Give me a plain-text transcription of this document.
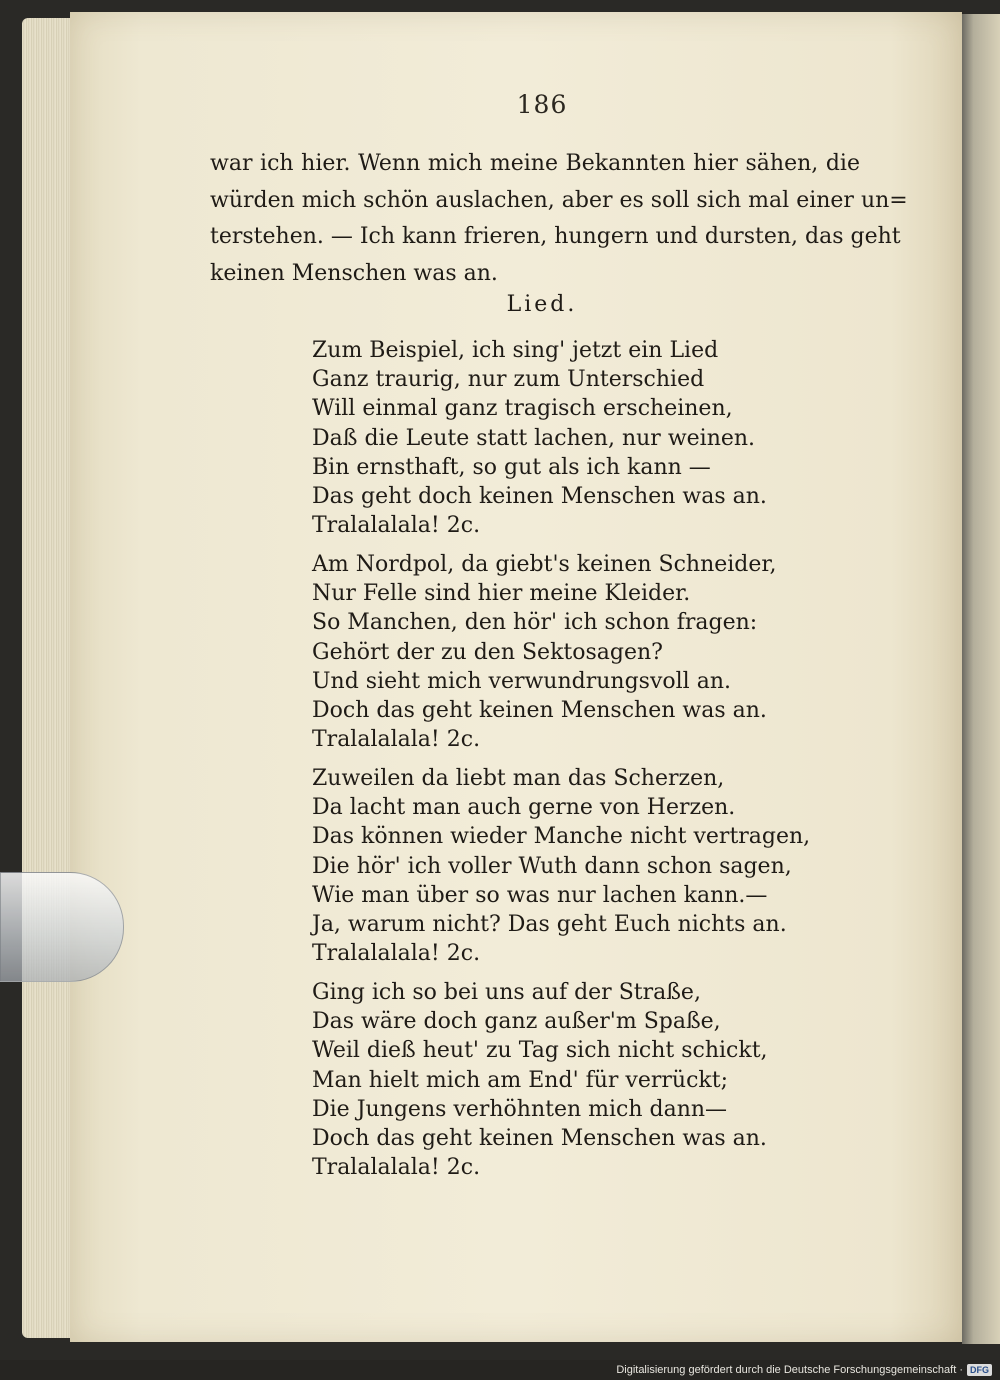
186
war ich hier. Wenn mich meine Bekannten hier sähen, die
würden mich schön auslachen, aber es soll sich mal einer un=
terstehen. — Ich kann frieren, hungern und dursten, das geht
keinen Menschen was an.
Lied.
Zum Beispiel, ich sing' jetzt ein Lied
Ganz traurig, nur zum Unterschied
Will einmal ganz tragisch erscheinen,
Daß die Leute statt lachen, nur weinen.
Bin ernsthaft, so gut als ich kann —
Das geht doch keinen Menschen was an.
Tralalalala! 2c.
Am Nordpol, da giebt's keinen Schneider,
Nur Felle sind hier meine Kleider.
So Manchen, den hör' ich schon fragen:
Gehört der zu den Sektosagen?
Und sieht mich verwundrungsvoll an.
Doch das geht keinen Menschen was an.
Tralalalala! 2c.
Zuweilen da liebt man das Scherzen,
Da lacht man auch gerne von Herzen.
Das können wieder Manche nicht vertragen,
Die hör' ich voller Wuth dann schon sagen,
Wie man über so was nur lachen kann.—
Ja, warum nicht? Das geht Euch nichts an.
Tralalalala! 2c.
Ging ich so bei uns auf der Straße,
Das wäre doch ganz außer'm Spaße,
Weil dieß heut' zu Tag sich nicht schickt,
Man hielt mich am End' für verrückt;
Die Jungens verhöhnten mich dann—
Doch das geht keinen Menschen was an.
Tralalalala! 2c.
Digitalisierung gefördert durch die Deutsche Forschungsgemeinschaft · DFG
